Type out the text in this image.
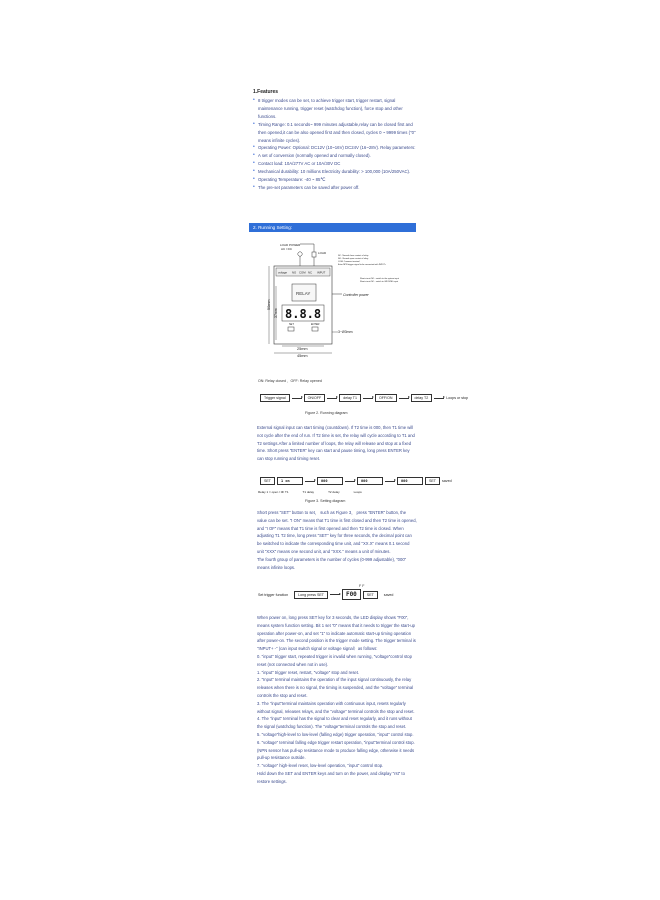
1.Features
• 8 trigger modes can be set, to achieve trigger start, trigger restart, signal maintenance running, trigger reset (watchdog function), force stop and other functions.
• Timing Range: 0.1 seconds~ 999 minutes adjustable,relay can be closed first and then opened,it can be also opened first and then closed, cycles 0 ~ 9999 times ("0" means infinite cycles).
• Operating Power: Optional: DC12V (10~16V) DC24V (16~28V). Relay parameters:
• A set of conversion (normally opened and normally closed).
• Contact load: 10A/277V AC or 10A/30V DC
• Mechanical durability: 10 millions Electricity durability: > 100,000 (10A/250VAC).
• Operating Temperature: -40 ~ 85℃
• The pre-set parameters can be saved after power off.
2. Running Setting:
LOAD POWER
AC / DC
LOAD
NC : Normal close contact of relay
NO : Normal open contact of relay
COM: Common terminal
Extra NPN trigger signal to be connected with INPUT+
Short-circuit NO - switch to the system input
Short-circuit NC - switch to GROUND input
voltage NO COM NC INPUT
RELAY
8.8.8
SET	ENTER
Controller power
50mm
37mm
25mm
45mm
3~Ø3mm
ON: Relay closed 、OFF: Relay opened
Trigger signal	ON/OFF	delay T1	OFF/ON	delay T2	Loops or stop
Figure 2. Running diagram

External signal input can start timing (countdown). If T2 time is 000, then T1 time will not cycle after the end of run. If T2 time is set, the relay will cycle according to T1 and T2 settings.After a limited number of loops, the relay will release and stop at a fixed time. Short press "ENTER" key can start and pause timing, long press ENTER key can stop running and timing reset.

SET	1 on	000	000	000	SET	saved
Relay 1 = open / 0F T1	T1 delay	T2 delay	Loops
Figure 3. Setting diagram

Short press "SET" button to set， such as Figure 3， press "ENTER" button, the value can be set. "I ON" means that T1 time is first closed and then T2 time is opened, and "I OF" means that T1 time is first opened and then T2 time is closed. When adjusting T1 T2 time, long press "SET" key for three seconds, the decimal point can be switched to indicate the corresponding time unit, and "XX.X" means 0.1 second unit "XXX" means one second unit, and "XXX." means a unit of minutes.

The fourth group of parameters is the number of cycles (0-999 adjustable), "000" means infinite loops.

Set trigger function	Long press SET	F00	SET	saved
F F

When power on, long press SET key for 3 seconds, the LED display shows "F00", means system function setting. Bit 1 set "0" means that it needs to trigger the start-up operation after power-on, and set "1" to indicate automatic start-up timing operation after power-on. The second position is the trigger mode setting. The trigger terminal is "INPUT+ -" (can input switch signal or voltage signal）as follows:

0. "input" trigger start, repeated trigger is invalid when running, "voltage"control stop reset (not connected when not in use).

1. "input" trigger reset, restart, "voltage" stop and reset.

2. "Input" terminal maintains the operation of the input signal continuously, the relay releases when there is no signal, the timing is suspended, and the "voltage" terminal controls the stop and reset.

3. The "input"terminal maintains operation with continuous input, resets regularly without signal, releases relays, and the "voltage" terminal controls the stop and reset.

4. The "input" terminal has the signal to clear and reset regularly, and it runs without the signal (watchdog function). The "voltage"terminal controls the stop and reset.

5. "voltage"high-level to low-level (falling edge) trigger operation, "input" control stop.

6. "voltage" terminal falling edge trigger restart operation, "input"terminal control stop. (NPN sensor has pull-up resistance mode to produce falling edge, otherwise it needs pull-up resistance outside.

7. "voltage" high-level reset, low-level operation, "input" control stop.

Hold down the SET and ENTER keys and turn on the power, and display "rst" to restore settings.
